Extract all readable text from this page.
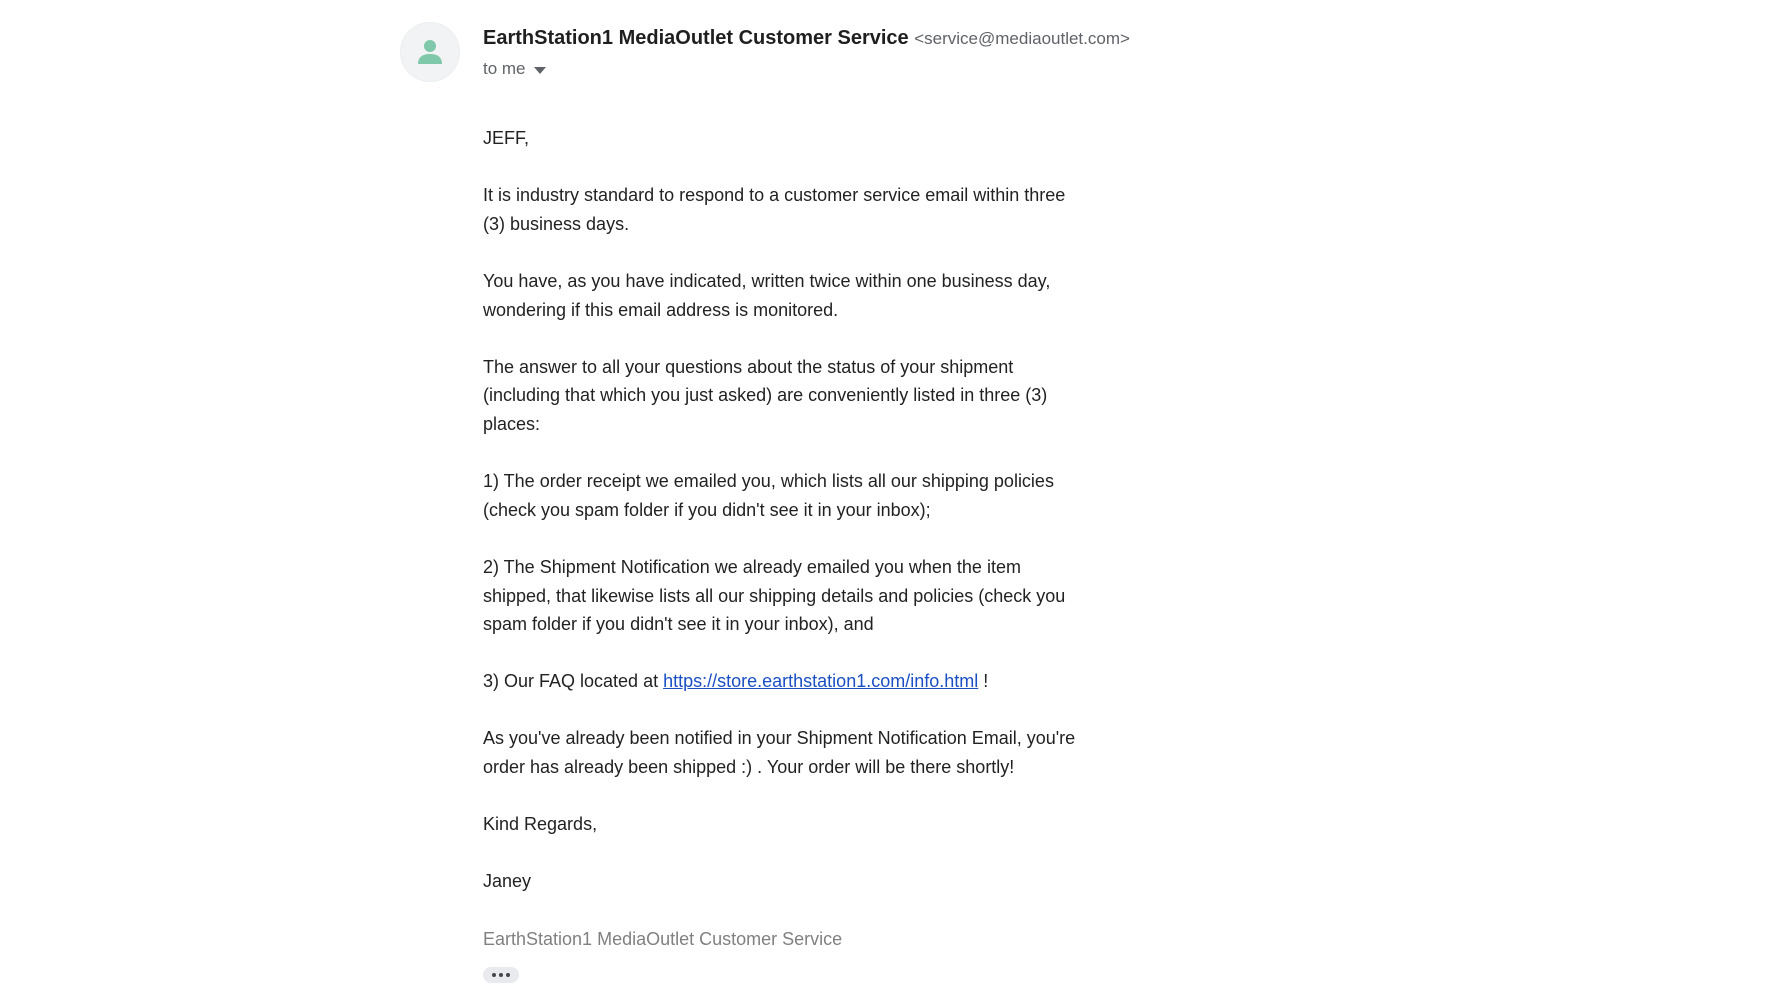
EarthStation1 MediaOutlet Customer Service <service@mediaoutlet.com>
to me

JEFF,

It is industry standard to respond to a customer service email within three (3) business days.

You have, as you have indicated, written twice within one business day, wondering if this email address is monitored.

The answer to all your questions about the status of your shipment (including that which you just asked) are conveniently listed in three (3) places:

1) The order receipt we emailed you, which lists all our shipping policies (check you spam folder if you didn't see it in your inbox);

2) The Shipment Notification we already emailed you when the item shipped, that likewise lists all our shipping details and policies (check you spam folder if you didn't see it in your inbox), and

3) Our FAQ located at https://store.earthstation1.com/info.html !

As you've already been notified in your Shipment Notification Email, you're order has already been shipped :) . Your order will be there shortly!

Kind Regards,

Janey

EarthStation1 MediaOutlet Customer Service
